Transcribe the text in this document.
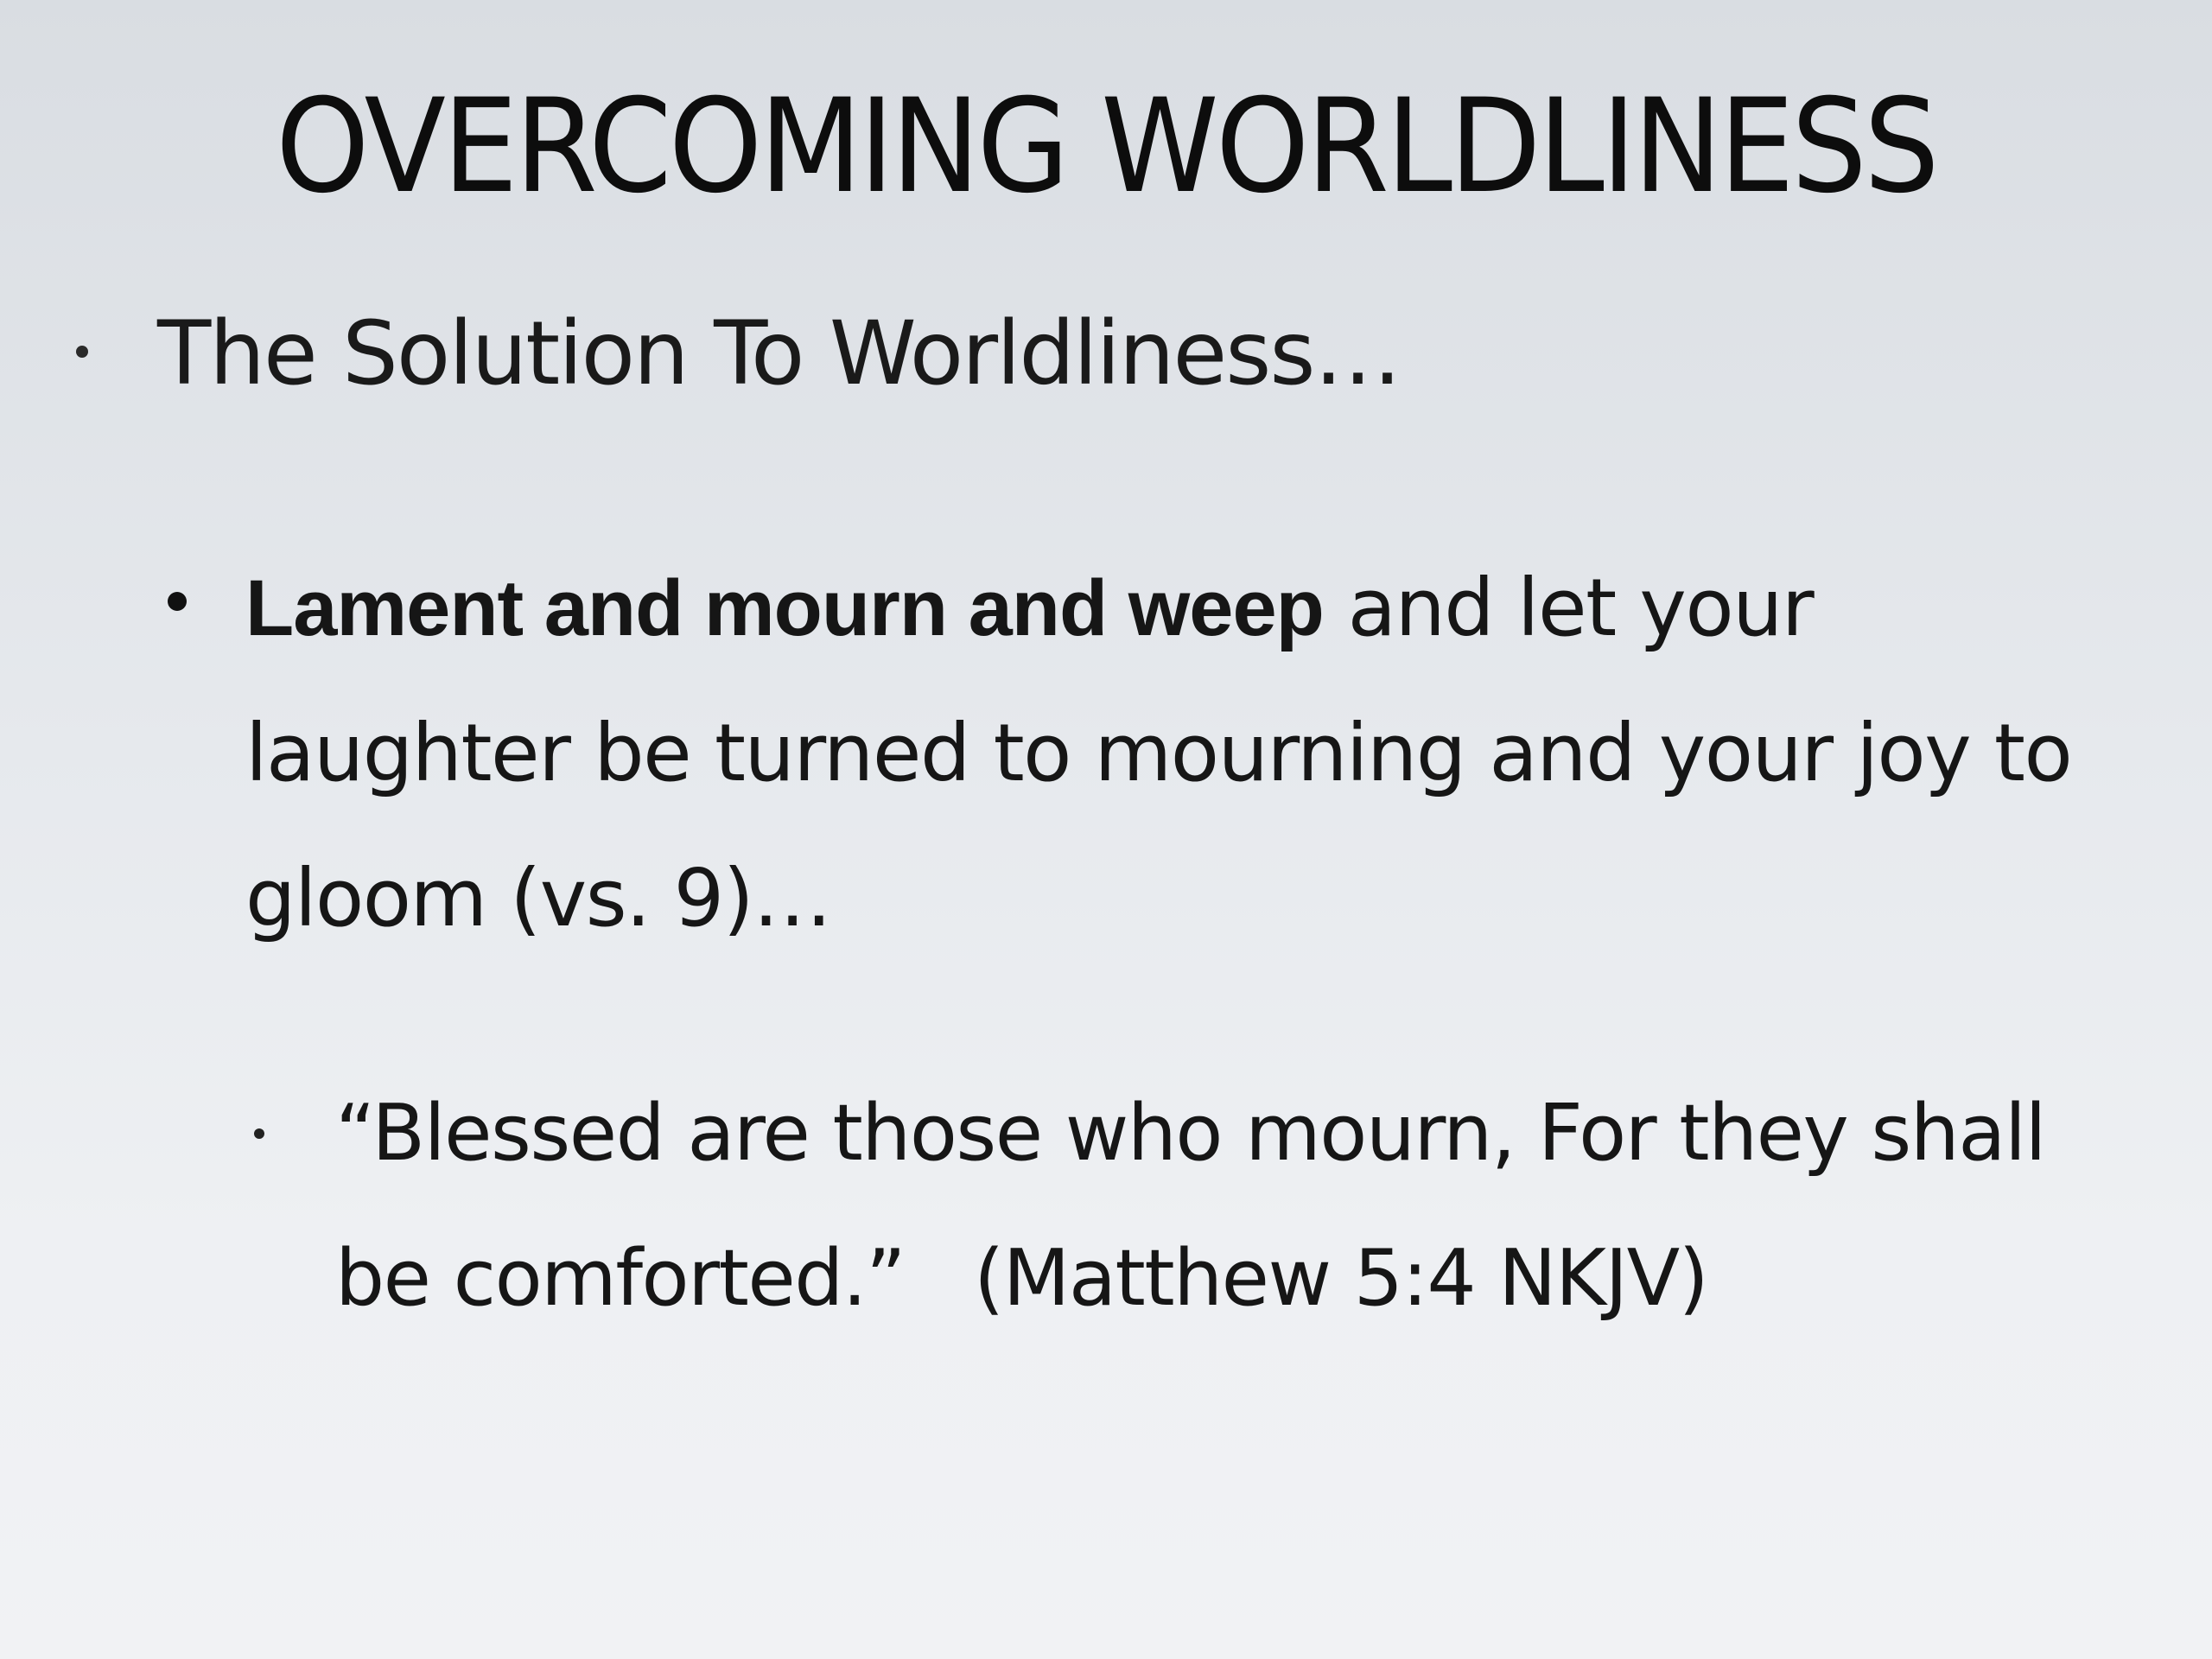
OVERCOMING WORLDLINESS
The Solution To Worldliness…
Lament and mourn and weep and let your laughter be turned to mourning and your joy to gloom (vs. 9)…
“Blessed are those who mourn, For they shall be comforted.” (Matthew 5:4 NKJV)
